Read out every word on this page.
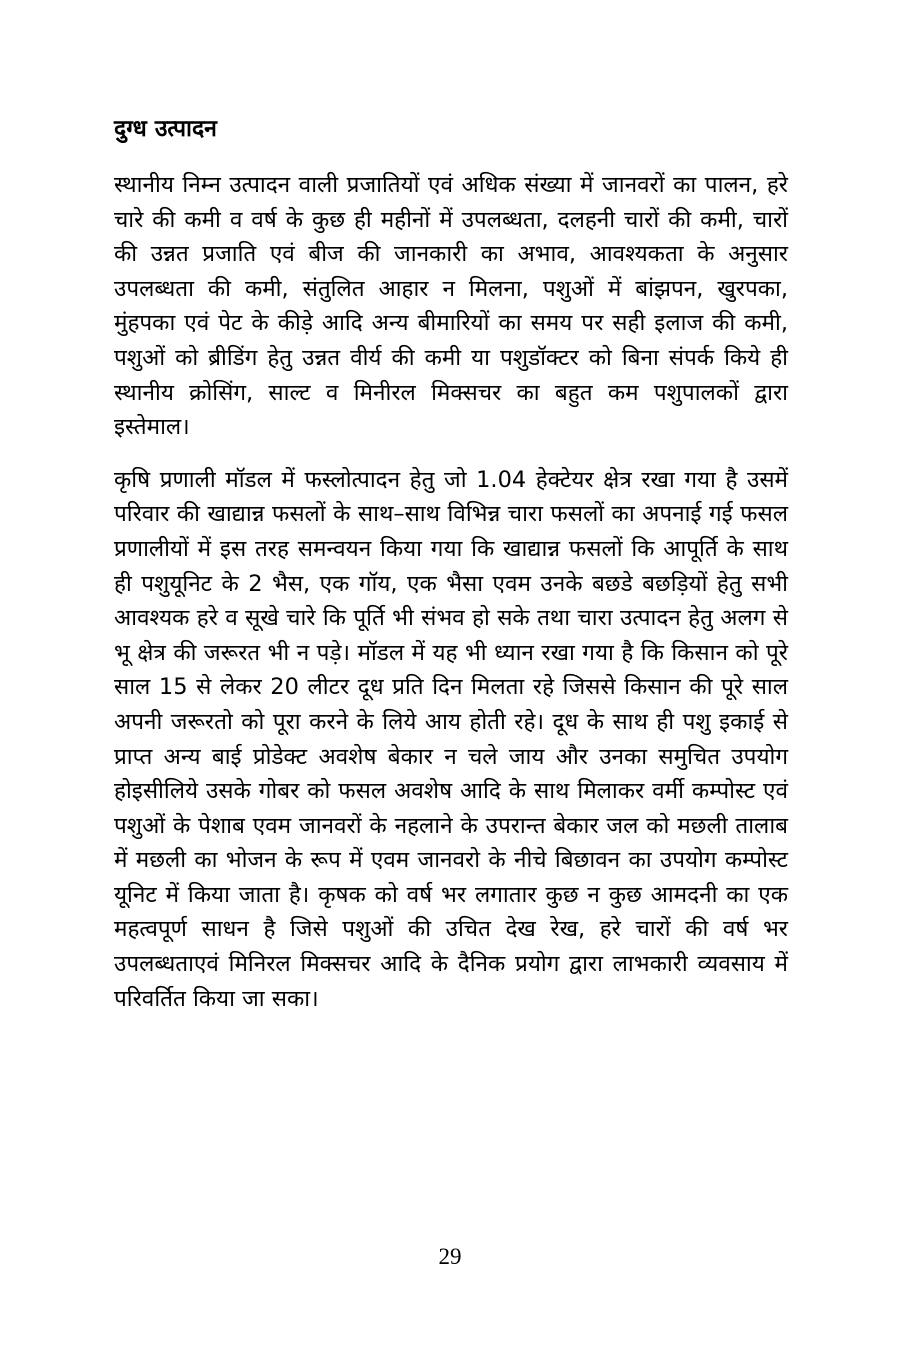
दुग्ध उत्पादन

स्थानीय निम्न उत्पादन वाली प्रजातियों एवं अधिक संख्या में जानवरों का पालन, हरे चारे की कमी व वर्ष के कुछ ही महीनों में उपलब्धता, दलहनी चारों की कमी, चारों की उन्नत प्रजाति एवं बीज की जानकारी का अभाव, आवश्यकता के अनुसार उपलब्धता की कमी, संतुलित आहार न मिलना, पशुओं में बांझपन, खुरपका, मुंहपका एवं पेट के कीड़े आदि अन्य बीमारियों का समय पर सही इलाज की कमी, पशुओं को ब्रीडिंग हेतु उन्नत वीर्य की कमी या पशुडॉक्टर को बिना संपर्क किये ही स्थानीय क्रोसिंग, साल्ट व मिनीरल मिक्सचर का बहुत कम पशुपालकों द्वारा इस्तेमाल।

कृषि प्रणाली मॉडल में फस्लोत्पादन हेतु जो 1.04 हेक्टेयर क्षेत्र रखा गया है उसमें परिवार की खाद्यान्न फसलों के साथ–साथ विभिन्न चारा फसलों का अपनाई गई फसल प्रणालीयों में इस तरह समन्वयन किया गया कि खाद्यान्न फसलों कि आपूर्ति के साथ ही पशुयूनिट के 2 भैस, एक गॉय, एक भैसा एवम उनके बछडे बछड़ियों हेतु सभी आवश्यक हरे व सूखे चारे कि पूर्ति भी संभव हो सके तथा चारा उत्पादन हेतु अलग से भू क्षेत्र की जरूरत भी न पड़े। मॉडल में यह भी ध्यान रखा गया है कि किसान को पूरे साल 15 से लेकर 20 लीटर दूध प्रति दिन मिलता रहे जिससे किसान की पूरे साल अपनी जरूरतो को पूरा करने के लिये आय होती रहे। दूध के साथ ही पशु इकाई से प्राप्त अन्य बाई प्रोडेक्ट अवशेष बेकार न चले जाय और उनका समुचित उपयोग होइसीलिये उसके गोबर को फसल अवशेष आदि के साथ मिलाकर वर्मी कम्पोस्ट एवं पशुओं के पेशाब एवम जानवरों के नहलाने के उपरान्त बेकार जल को मछली तालाब में मछली का भोजन के रूप में एवम जानवरो के नीचे बिछावन का उपयोग कम्पोस्ट यूनिट में किया जाता है। कृषक को वर्ष भर लगातार कुछ न कुछ आमदनी का एक महत्वपूर्ण साधन है जिसे पशुओं की उचित देख रेख, हरे चारों की वर्ष भर उपलब्धताएवं मिनिरल मिक्सचर आदि के दैनिक प्रयोग द्वारा लाभकारी व्यवसाय में परिवर्तित किया जा सका।

29
